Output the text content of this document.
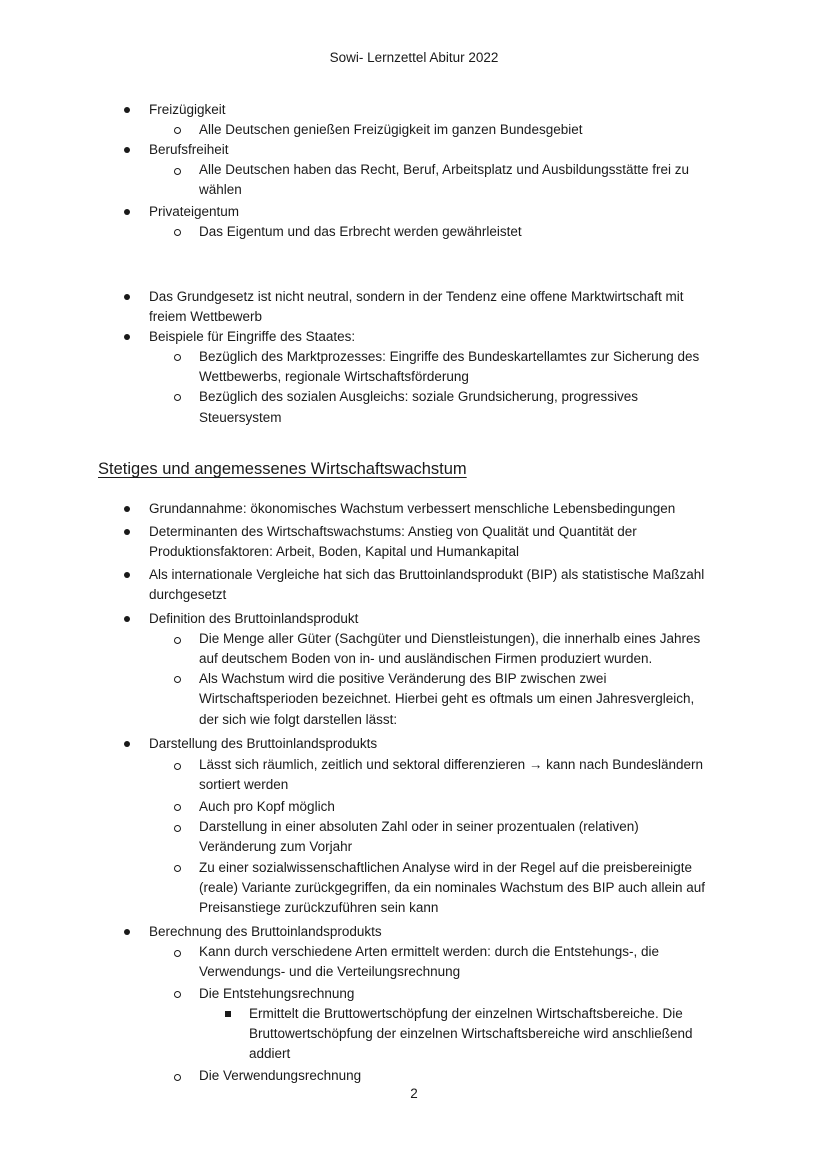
Sowi- Lernzettel Abitur 2022
Freizügigkeit
Alle Deutschen genießen Freizügigkeit im ganzen Bundesgebiet
Berufsfreiheit
Alle Deutschen haben das Recht, Beruf, Arbeitsplatz und Ausbildungsstätte frei zu
wählen
Privateigentum
Das Eigentum und das Erbrecht werden gewährleistet
Das Grundgesetz ist nicht neutral, sondern in der Tendenz eine offene Marktwirtschaft mit
freiem Wettbewerb
Beispiele für Eingriffe des Staates:
Bezüglich des Marktprozesses: Eingriffe des Bundeskartellamtes zur Sicherung des
Wettbewerbs, regionale Wirtschaftsförderung
Bezüglich des sozialen Ausgleichs: soziale Grundsicherung, progressives
Steuersystem
Stetiges und angemessenes Wirtschaftswachstum
Grundannahme: ökonomisches Wachstum verbessert menschliche Lebensbedingungen
Determinanten des Wirtschaftswachstums: Anstieg von Qualität und Quantität der
Produktionsfaktoren: Arbeit, Boden, Kapital und Humankapital
Als internationale Vergleiche hat sich das Bruttoinlandsprodukt (BIP) als statistische Maßzahl
durchgesetzt
Definition des Bruttoinlandsprodukt
Die Menge aller Güter (Sachgüter und Dienstleistungen), die innerhalb eines Jahres
auf deutschem Boden von in- und ausländischen Firmen produziert wurden.
Als Wachstum wird die positive Veränderung des BIP zwischen zwei
Wirtschaftsperioden bezeichnet. Hierbei geht es oftmals um einen Jahresvergleich,
der sich wie folgt darstellen lässt:
Darstellung des Bruttoinlandsprodukts
Lässt sich räumlich, zeitlich und sektoral differenzieren → kann nach Bundesländern
sortiert werden
Auch pro Kopf möglich
Darstellung in einer absoluten Zahl oder in seiner prozentualen (relativen)
Veränderung zum Vorjahr
Zu einer sozialwissenschaftlichen Analyse wird in der Regel auf die preisbereinigte
(reale) Variante zurückgegriffen, da ein nominales Wachstum des BIP auch allein auf
Preisanstiege zurückzuführen sein kann
Berechnung des Bruttoinlandsprodukts
Kann durch verschiedene Arten ermittelt werden: durch die Entstehungs-, die
Verwendungs- und die Verteilungsrechnung
Die Entstehungsrechnung
Ermittelt die Bruttowertschöpfung der einzelnen Wirtschaftsbereiche. Die
Bruttowertschöpfung der einzelnen Wirtschaftsbereiche wird anschließend
addiert
Die Verwendungsrechnung
2
